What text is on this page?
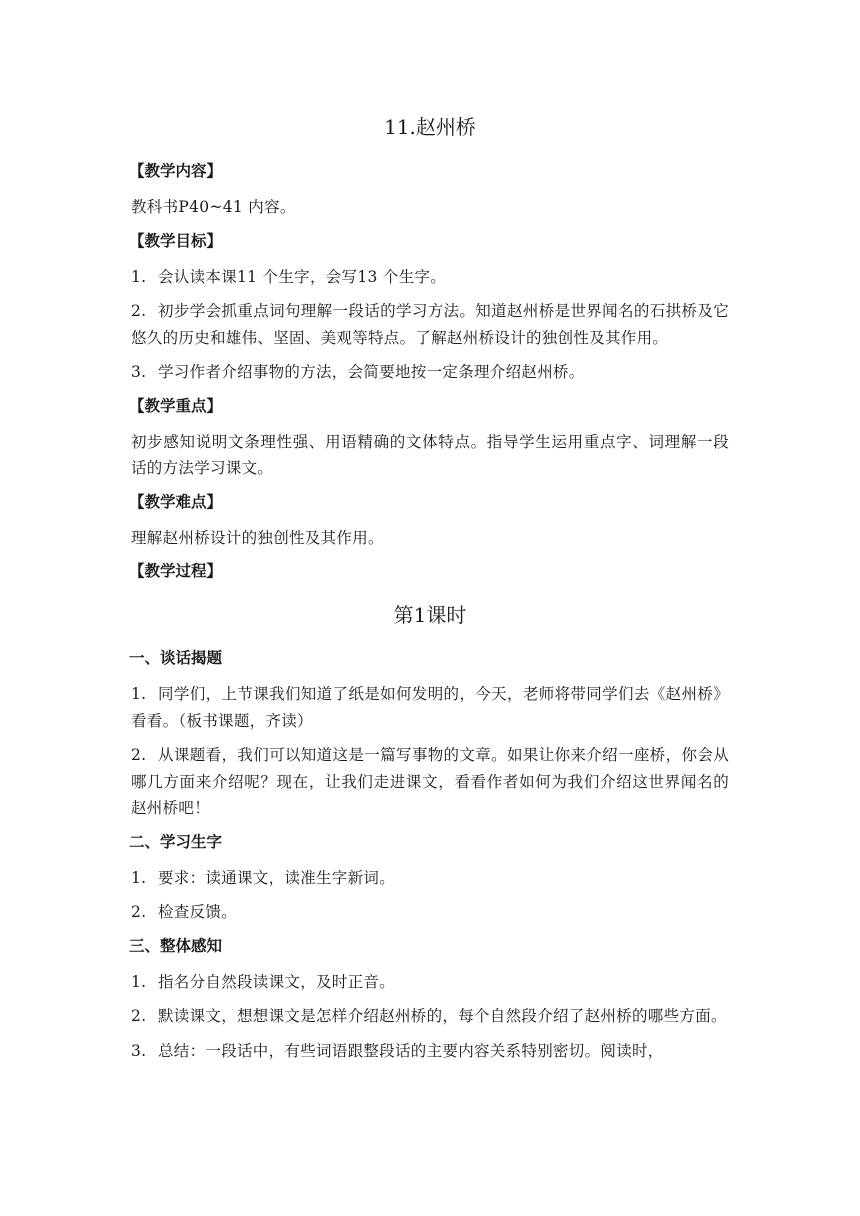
11.赵州桥
【教学内容】

教科书P40~41 内容。

【教学目标】

1. 会认读本课11 个生字，会写13 个生字。

2. 初步学会抓重点词句理解一段话的学习方法。知道赵州桥是世界闻名的石拱桥及它悠久的历史和雄伟、坚固、美观等特点。了解赵州桥设计的独创性及其作用。

3. 学习作者介绍事物的方法，会简要地按一定条理介绍赵州桥。

【教学重点】

初步感知说明文条理性强、用语精确的文体特点。指导学生运用重点字、词理解一段话的方法学习课文。

【教学难点】

理解赵州桥设计的独创性及其作用。

【教学过程】
第1课时
一、谈话揭题

1. 同学们，上节课我们知道了纸是如何发明的，今天，老师将带同学们去《赵州桥》看看。（板书课题，齐读）

2. 从课题看，我们可以知道这是一篇写事物的文章。如果让你来介绍一座桥，你会从哪几方面来介绍呢？现在，让我们走进课文，看看作者如何为我们介绍这世界闻名的赵州桥吧！

二、学习生字

1. 要求：读通课文，读准生字新词。

2. 检查反馈。

三、整体感知

1. 指名分自然段读课文，及时正音。

2. 默读课文，想想课文是怎样介绍赵州桥的，每个自然段介绍了赵州桥的哪些方面。

3. 总结：一段话中，有些词语跟整段话的主要内容关系特别密切。阅读时，
